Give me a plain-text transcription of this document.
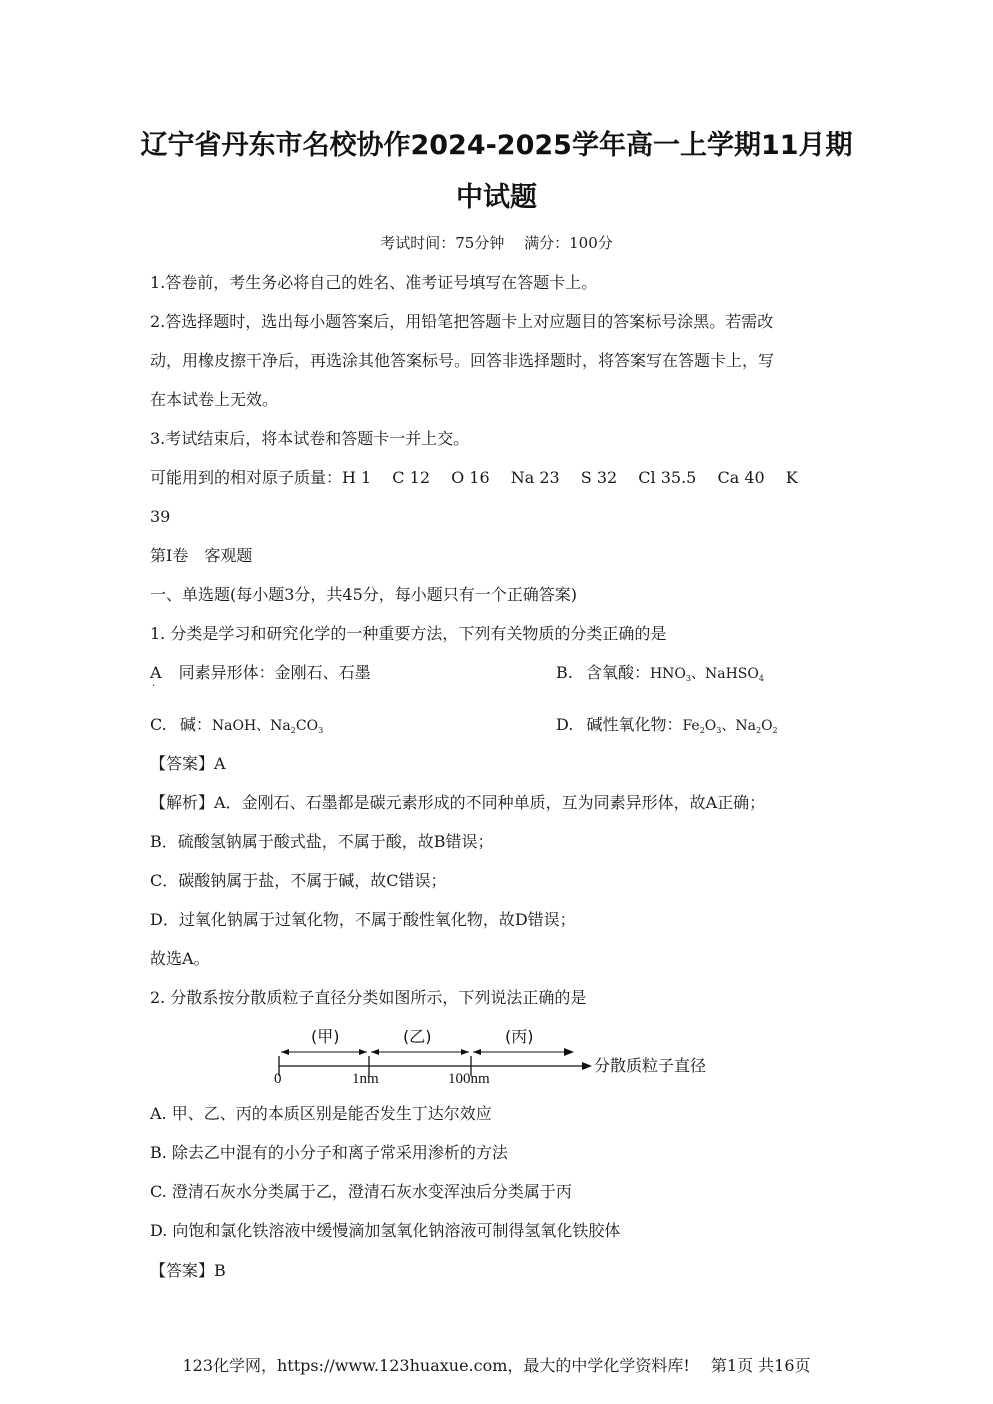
辽宁省丹东市名校协作2024-2025学年高一上学期11月期
中试题
考试时间：75分钟　 满分：100分
1.答卷前，考生务必将自己的姓名、准考证号填写在答题卡上。
2.答选择题时，选出每小题答案后，用铅笔把答题卡上对应题目的答案标号涂黑。若需改
动，用橡皮擦干净后，再选涂其他答案标号。回答非选择题时，将答案写在答题卡上，写
在本试卷上无效。
3.考试结束后，将本试卷和答题卡一并上交。
可能用到的相对原子质量：H 1　 C 12　 O 16　 Na 23　 S 32　 Cl 35.5　 Ca 40　 K
39
第Ⅰ卷　客观题
一、单选题(每小题3分，共45分，每小题只有一个正确答案)
1. 分类是学习和研究化学的一种重要方法，下列有关物质的分类正确的是
A
·
同素异形体：金刚石、石墨	B. 含氧酸：$HNO_3$、NaHSO$_4$
C. 碱：NaOH、$Na_2CO_3$	D. 碱性氧化物：$Fe_2O_3$、$Na_2O_2$
【答案】A
【解析】A．金刚石、石墨都是碳元素形成的不同种单质，互为同素异形体，故A正确；
B．硫酸氢钠属于酸式盐，不属于酸，故B错误；
C．碳酸钠属于盐，不属于碱，故C错误；
D．过氧化钠属于过氧化物，不属于酸性氧化物，故D错误；
故选A。
2. 分散系按分散质粒子直径分类如图所示，下列说法正确的是
(甲)	(乙)	(丙)
0	1nm	100nm
分散质粒子直径
A. 甲、乙、丙的本质区别是能否发生丁达尔效应
B. 除去乙中混有的小分子和离子常采用渗析的方法
C. 澄清石灰水分类属于乙，澄清石灰水变浑浊后分类属于丙
D. 向饱和氯化铁溶液中缓慢滴加氢氧化钠溶液可制得氢氧化铁胶体
【答案】B
123化学网，https://www.123huaxue.com，最大的中学化学资料库!　 第1页 共16页
